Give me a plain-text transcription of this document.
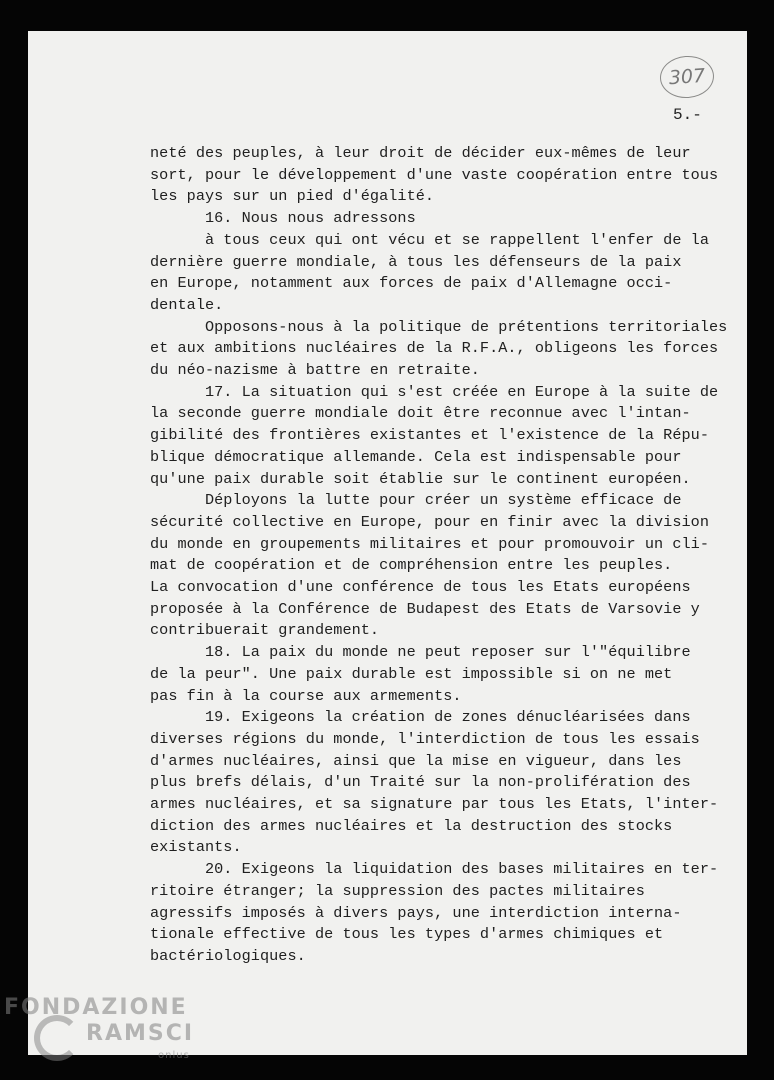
307
5.-
neté des peuples, à leur droit de décider eux-mêmes de leur
sort, pour le développement d'une vaste coopération entre tous
les pays sur un pied d'égalité.
16. Nous nous adressons
à tous ceux qui ont vécu et se rappellent l'enfer de la
dernière guerre mondiale, à tous les défenseurs de la paix
en Europe, notamment aux forces de paix d'Allemagne occi-
dentale.
Opposons-nous à la politique de prétentions territoriales
et aux ambitions nucléaires de la R.F.A., obligeons les forces
du néo-nazisme à battre en retraite.
17. La situation qui s'est créée en Europe à la suite de
la seconde guerre mondiale doit être reconnue avec l'intan-
gibilité des frontières existantes et l'existence de la Répu-
blique démocratique allemande. Cela est indispensable pour
qu'une paix durable soit établie sur le continent européen.
Déployons la lutte pour créer un système efficace de
sécurité collective en Europe, pour en finir avec la division
du monde en groupements militaires et pour promouvoir un cli-
mat de coopération et de compréhension entre les peuples.
La convocation d'une conférence de tous les Etats européens
proposée à la Conférence de Budapest des Etats de Varsovie y
contribuerait grandement.
18. La paix du monde ne peut reposer sur l'"équilibre
de la peur". Une paix durable est impossible si on ne met
pas fin à la course aux armements.
19. Exigeons la création de zones dénucléarisées dans
diverses régions du monde, l'interdiction de tous les essais
d'armes nucléaires, ainsi que la mise en vigueur, dans les
plus brefs délais, d'un Traité sur la non-prolifération des
armes nucléaires, et sa signature par tous les Etats, l'inter-
diction des armes nucléaires et la destruction des stocks
existants.
20. Exigeons la liquidation des bases militaires en ter-
ritoire étranger; la suppression des pactes militaires
agressifs imposés à divers pays, une interdiction interna-
tionale effective de tous les types d'armes chimiques et
bactériologiques.
FONDAZIONE
RAMSCI
onlus
